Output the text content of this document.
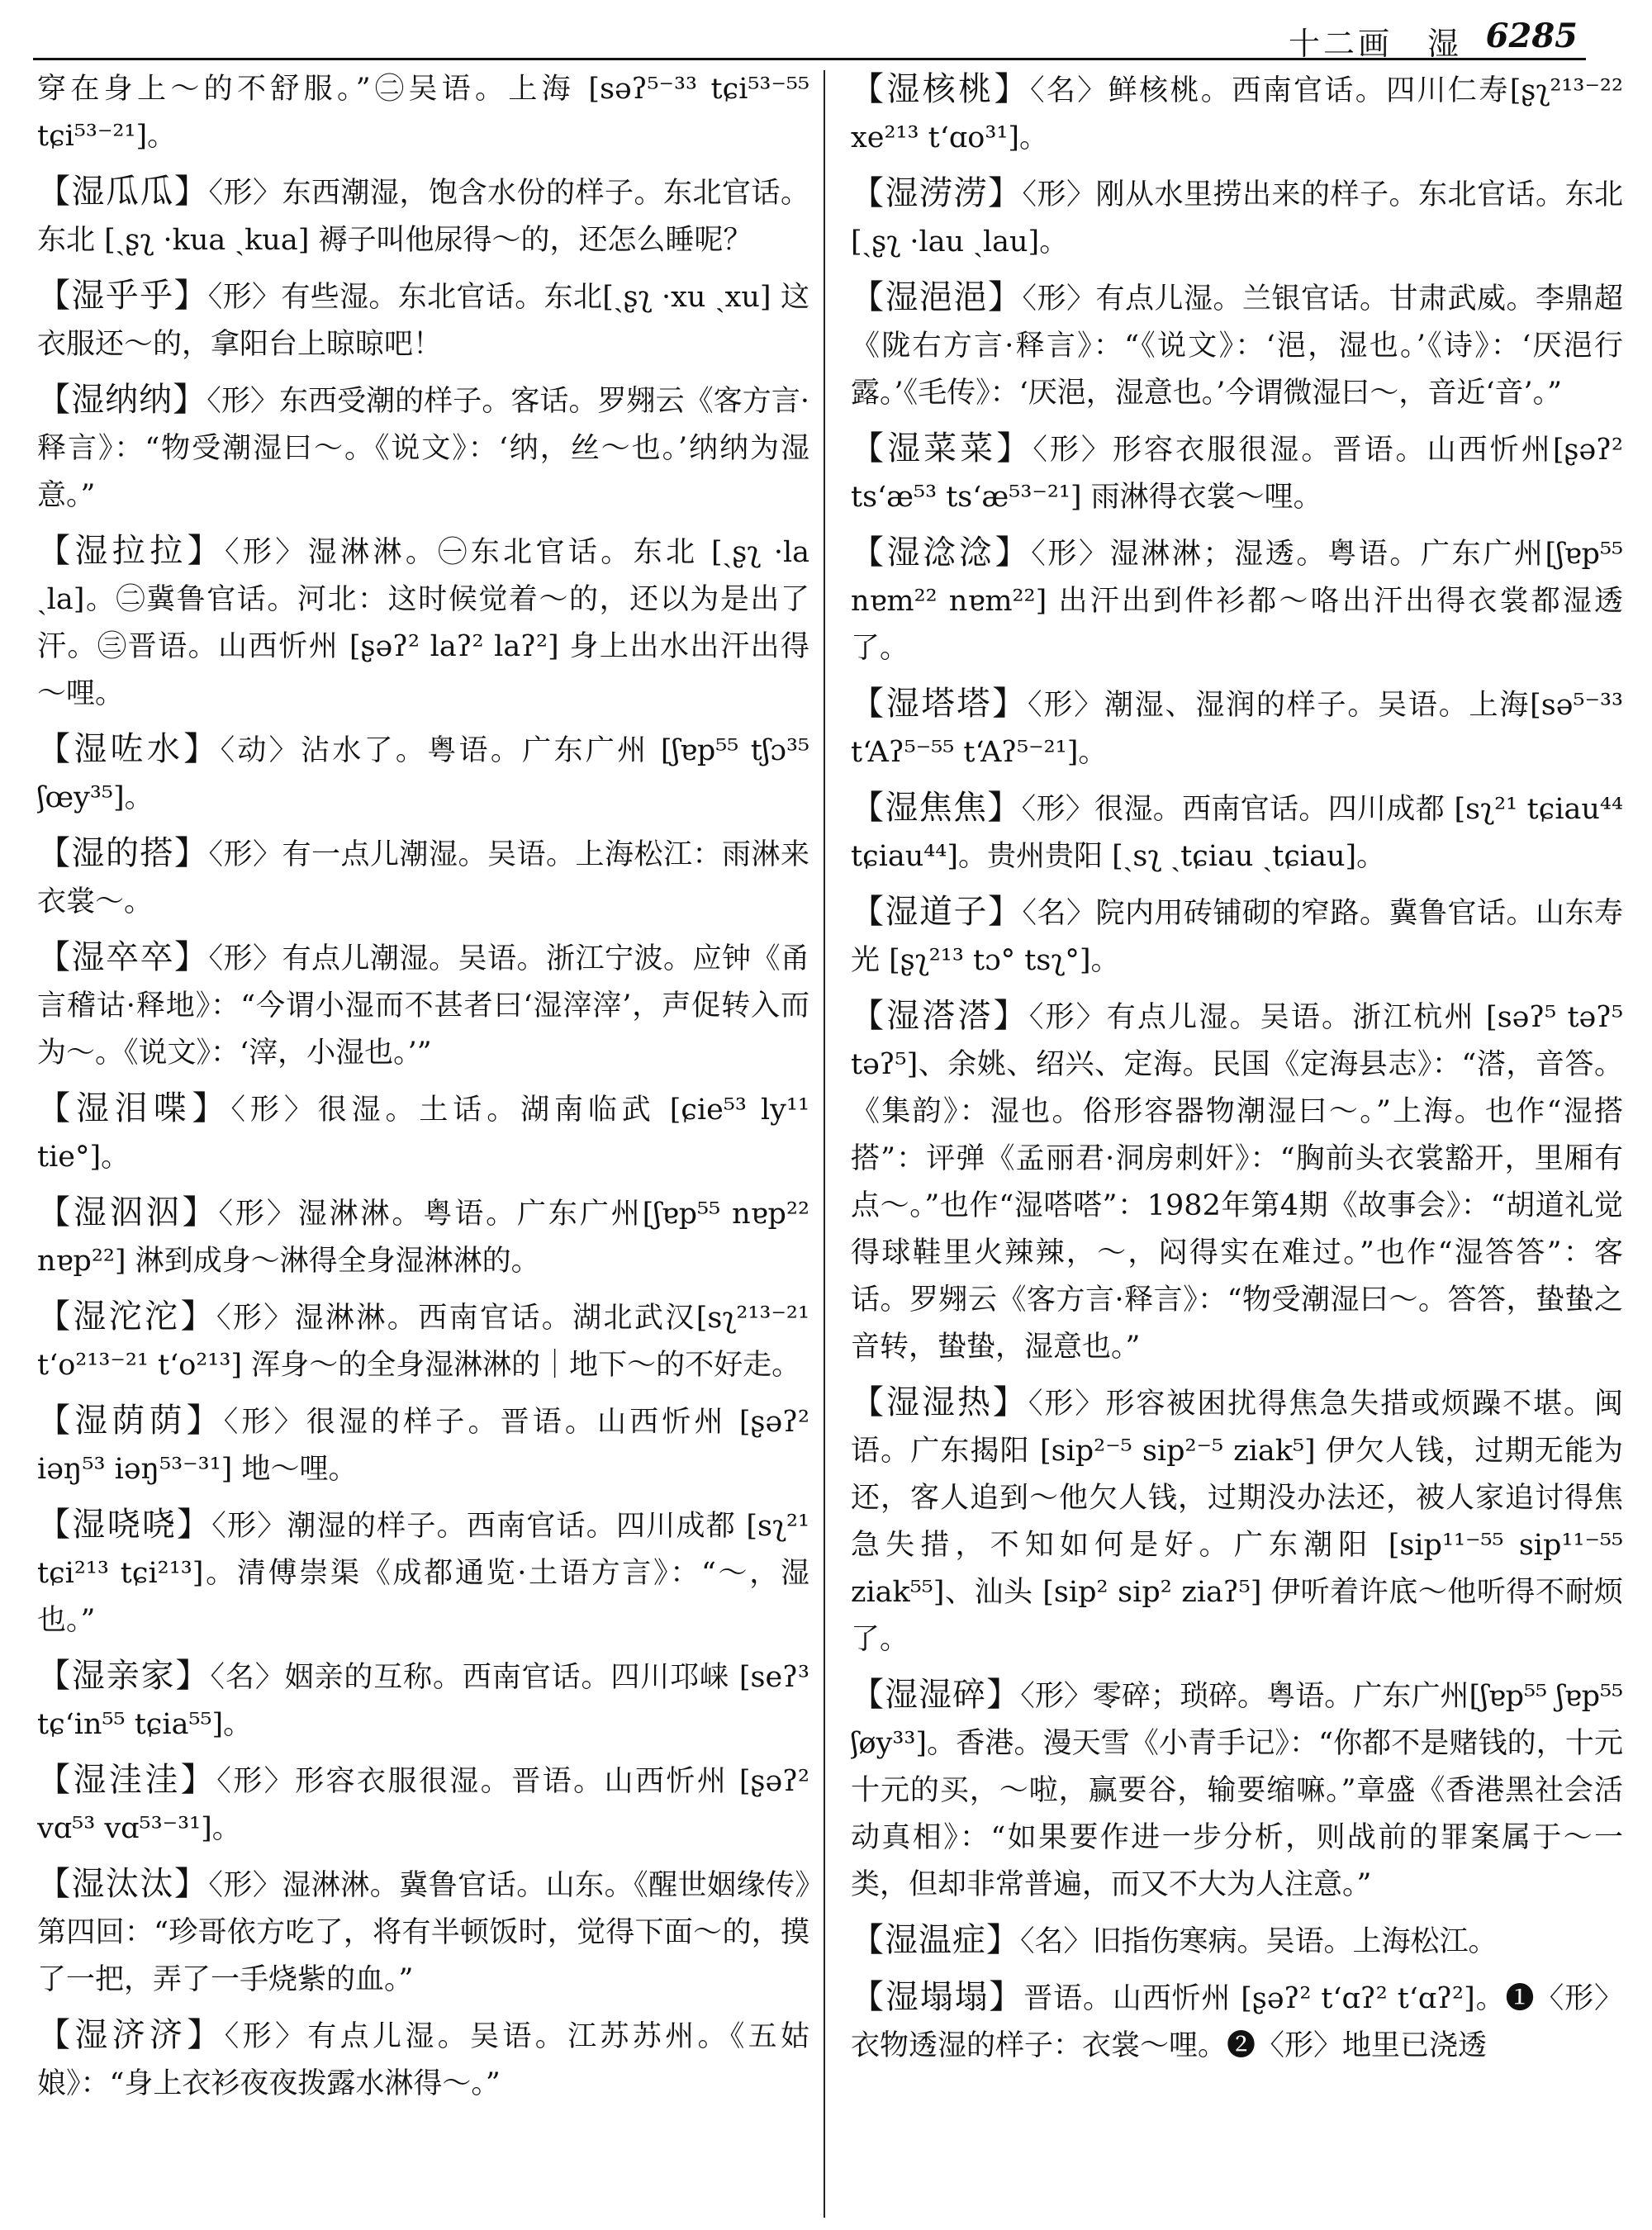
十二画　湿 6285

穿在身上～的不舒服。”㊁吴语。上海 [səʔ⁵⁻³³ tɕi⁵³⁻⁵⁵ tɕi⁵³⁻²¹]。

【 湿瓜瓜 】 〈形〉东西潮湿，饱含水份的样子。东北官话。东北 [ˏʂʅ ·kua ˏkua] 褥子叫他尿得～的，还怎么睡呢？

【 湿乎乎 】 〈形〉有些湿。东北官话。东北[ˏʂʅ ·xu ˏxu] 这衣服还～的，拿阳台上晾晾吧！

【 湿纳纳 】 〈形〉东西受潮的样子。客话。罗翙云《客方言·释言》：“物受潮湿曰～。《说文》：‘纳，丝～也。’纳纳为湿意。”

【 湿拉拉 】 〈形〉湿淋淋。㊀东北官话。东北 [ˏʂʅ ·la ˏla]。㊁冀鲁官话。河北：这时候觉着～的，还以为是出了汗。㊂晋语。山西忻州 [ʂəʔ² laʔ² laʔ²] 身上出水出汗出得～哩。

【 湿咗水 】 〈动〉沾水了。粤语。广东广州 [ʃɐp⁵⁵ tʃɔ³⁵ ʃœy³⁵]。

【 湿的搭 】 〈形〉有一点儿潮湿。吴语。上海松江：雨淋来衣裳～。

【 湿卒卒 】 〈形〉有点儿潮湿。吴语。浙江宁波。应钟《甬言稽诂·释地》：“今谓小湿而不甚者曰‘湿滓滓’，声促转入而为～。《说文》：‘滓，小湿也。’”

【 湿泪喋 】 〈形〉很湿。土话。湖南临武 [ɕie⁵³ ly¹¹ tie°]。

【 湿泅泅 】 〈形〉湿淋淋。粤语。广东广州[ʃɐp⁵⁵ nɐp²² nɐp²²] 淋到成身～淋得全身湿淋淋的。

【 湿沱沱 】 〈形〉湿淋淋。西南官话。湖北武汉[sʅ²¹³⁻²¹ t‘o²¹³⁻²¹ t‘o²¹³] 浑身～的全身湿淋淋的｜地下～的不好走。

【 湿荫荫 】 〈形〉很湿的样子。晋语。山西忻州 [ʂəʔ² iəŋ⁵³ iəŋ⁵³⁻³¹] 地～哩。

【 湿哓哓 】 〈形〉潮湿的样子。西南官话。四川成都 [sʅ²¹ tɕi²¹³ tɕi²¹³]。清傅崇渠《成都通览·土语方言》：“～，湿也。”

【 湿亲家 】 〈名〉姻亲的互称。西南官话。四川邛崃 [seʔ³ tɕ‘in⁵⁵ tɕia⁵⁵]。

【 湿洼洼 】 〈形〉形容衣服很湿。晋语。山西忻州 [ʂəʔ² vɑ⁵³ vɑ⁵³⁻³¹]。

【 湿汰汰 】 〈形〉湿淋淋。冀鲁官话。山东。《醒世姻缘传》第四回：“珍哥依方吃了，将有半顿饭时，觉得下面～的，摸了一把，弄了一手烧紫的血。”

【 湿济济 】 〈形〉有点儿湿。吴语。江苏苏州。《五姑娘》：“身上衣衫夜夜拨露水淋得～。”

【 湿核桃 】 〈名〉鲜核桃。西南官话。四川仁寿[ʂʅ²¹³⁻²² xe²¹³ t‘ɑo³¹]。

【 湿涝涝 】 〈形〉刚从水里捞出来的样子。东北官话。东北 [ˏʂʅ ·lau ˏlau]。

【 湿浥浥 】 〈形〉有点儿湿。兰银官话。甘肃武威。李鼎超《陇右方言·释言》：“《说文》：‘浥，湿也。’《诗》：‘厌浥行露。’《毛传》：‘厌浥，湿意也。’今谓微湿曰～，音近‘音’。”

【 湿菜菜 】 〈形〉形容衣服很湿。晋语。山西忻州[ʂəʔ² ts‘æ⁵³ ts‘æ⁵³⁻²¹] 雨淋得衣裳～哩。

【 湿淰淰 】 〈形〉湿淋淋；湿透。粤语。广东广州[ʃɐp⁵⁵ nɐm²² nɐm²²] 出汗出到件衫都～咯出汗出得衣裳都湿透了。

【 湿塔塔 】 〈形〉潮湿、湿润的样子。吴语。上海[sə⁵⁻³³ t‘Aʔ⁵⁻⁵⁵ t‘Aʔ⁵⁻²¹]。

【 湿焦焦 】 〈形〉很湿。西南官话。四川成都 [sʅ²¹ tɕiau⁴⁴ tɕiau⁴⁴]。贵州贵阳 [ˏsʅ ˏtɕiau ˏtɕiau]。

【 湿道子 】 〈名〉院内用砖铺砌的窄路。冀鲁官话。山东寿光 [ʂʅ²¹³ tɔ° tsʅ°]。

【 湿溚溚 】 〈形〉有点儿湿。吴语。浙江杭州 [səʔ⁵ təʔ⁵ təʔ⁵]、余姚、绍兴、定海。民国《定海县志》：“溚，音答。《集韵》：湿也。俗形容器物潮湿曰～。”上海。也作“湿搭搭”：评弹《孟丽君·洞房刺奸》：“胸前头衣裳豁开，里厢有点～。”也作“湿嗒嗒”：1982年第4期《故事会》：“胡道礼觉得球鞋里火辣辣，～，闷得实在难过。”也作“湿答答”：客话。罗翙云《客方言·释言》：“物受潮湿曰～。答答，蛰蛰之音转，蛰蛰，湿意也。”

【 湿湿热 】 〈形〉形容被困扰得焦急失措或烦躁不堪。闽语。广东揭阳 [sip²⁻⁵ sip²⁻⁵ ziak⁵] 伊欠人钱，过期无能为还，客人追到～他欠人钱，过期没办法还，被人家追讨得焦急失措，不知如何是好。广东潮阳 [sip¹¹⁻⁵⁵ sip¹¹⁻⁵⁵ ziak⁵⁵]、汕头 [sip² sip² ziaʔ⁵] 伊听着许底～他听得不耐烦了。

【 湿湿碎 】 〈形〉零碎；琐碎。粤语。广东广州[ʃɐp⁵⁵ ʃɐp⁵⁵ ʃøy³³]。香港。漫天雪《小青手记》：“你都不是赌钱的，十元十元的买，～啦，赢要谷，输要缩嘛。”章盛《香港黑社会活动真相》：“如果要作进一步分析，则战前的罪案属于～一类，但却非常普遍，而又不大为人注意。”

【 湿温症 】 〈名〉旧指伤寒病。吴语。上海松江。

【 湿塌塌 】 晋语。山西忻州 [ʂəʔ² t‘ɑʔ² t‘ɑʔ²]。❶〈形〉衣物透湿的样子：衣裳～哩。❷〈形〉地里已浇透
